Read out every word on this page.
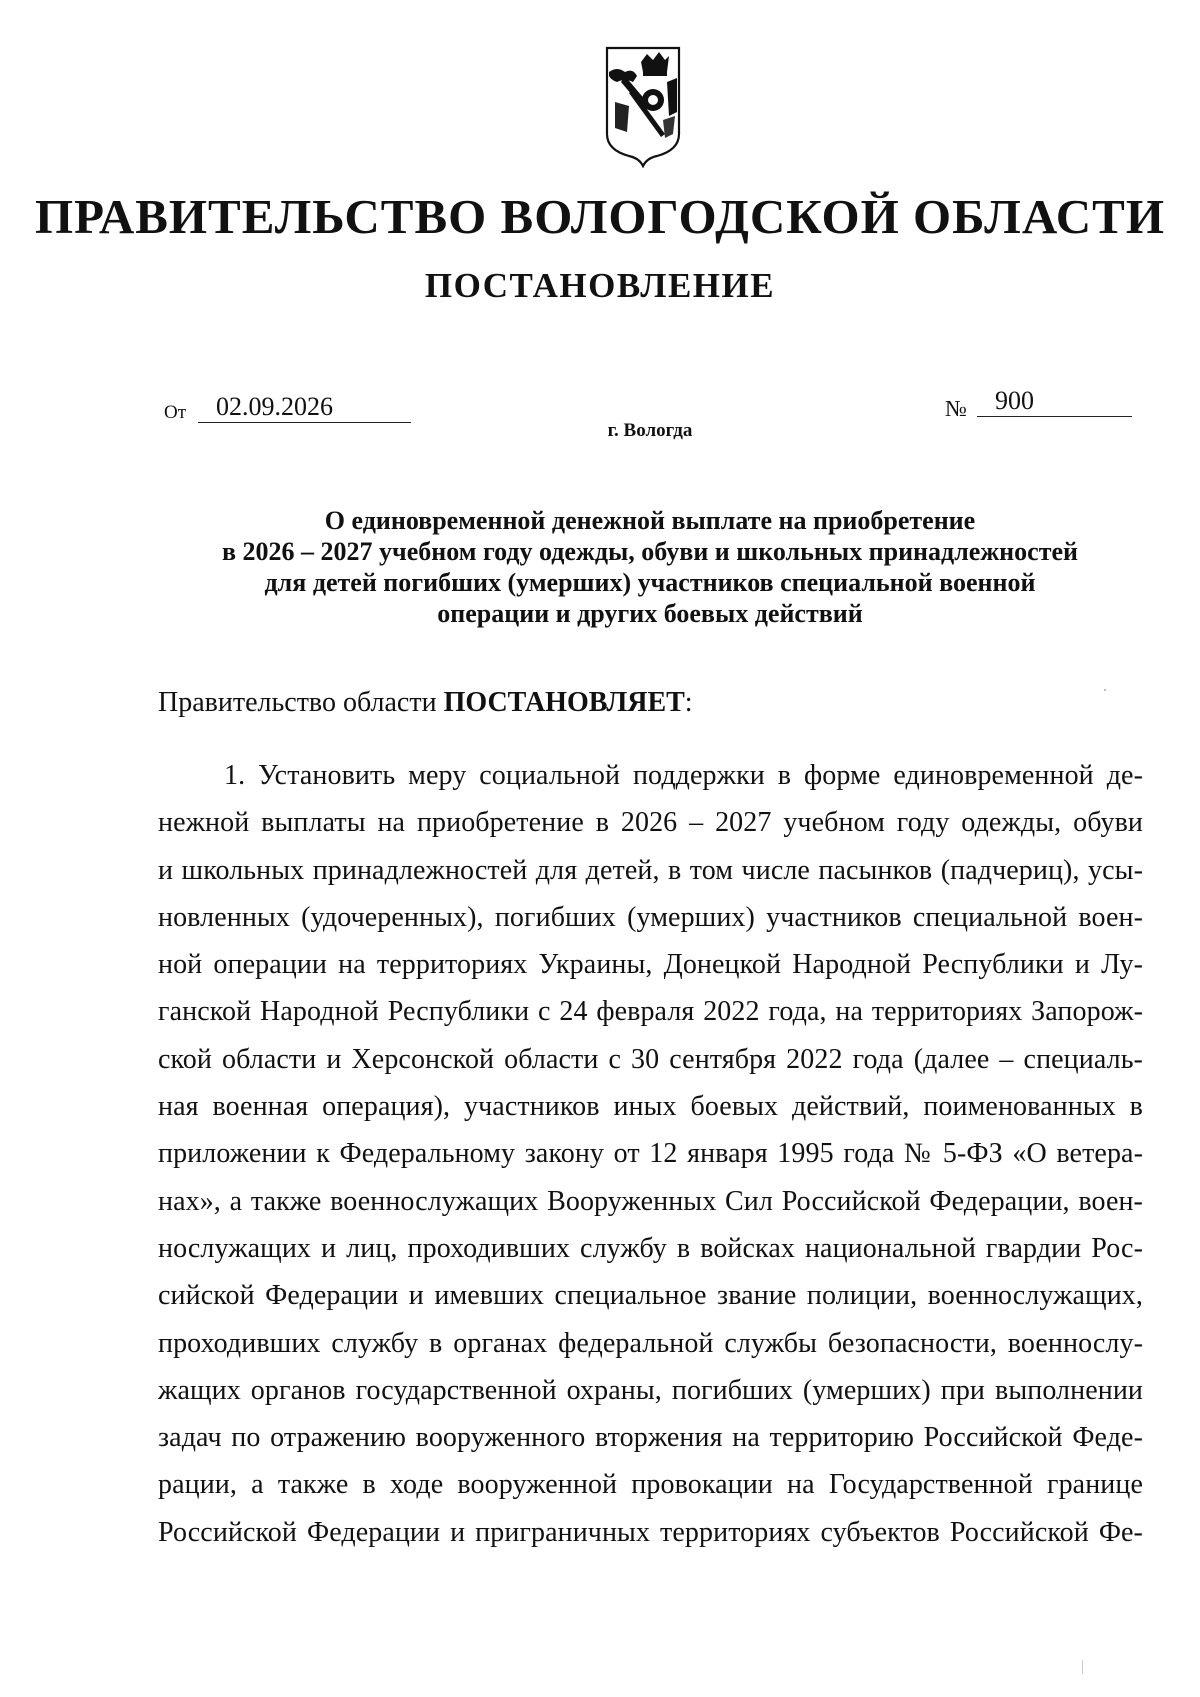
ПРАВИТЕЛЬСТВО ВОЛОГОДСКОЙ ОБЛАСТИ
ПОСТАНОВЛЕНИЕ
От	02.09.2026	№	900
г. Вологда
О единовременной денежной выплате на приобретение
в 2026 – 2027 учебном году одежды, обуви и школьных принадлежностей
для детей погибших (умерших) участников специальной военной
операции и других боевых действий
Правительство области ПОСТАНОВЛЯЕТ:
1. Установить меру социальной поддержки в форме единовременной де-
нежной выплаты на приобретение в 2026 – 2027 учебном году одежды, обуви
и школьных принадлежностей для детей, в том числе пасынков (падчериц), усы-
новленных (удочеренных), погибших (умерших) участников специальной воен-
ной операции на территориях Украины, Донецкой Народной Республики и Лу-
ганской Народной Республики с 24 февраля 2022 года, на территориях Запорож-
ской области и Херсонской области с 30 сентября 2022 года (далее – специаль-
ная военная операция), участников иных боевых действий, поименованных в
приложении к Федеральному закону от 12 января 1995 года № 5-ФЗ «О ветера-
нах», а также военнослужащих Вооруженных Сил Российской Федерации, воен-
нослужащих и лиц, проходивших службу в войсках национальной гвардии Рос-
сийской Федерации и имевших специальное звание полиции, военнослужащих,
проходивших службу в органах федеральной службы безопасности, военнослу-
жащих органов государственной охраны, погибших (умерших) при выполнении
задач по отражению вооруженного вторжения на территорию Российской Феде-
рации, а также в ходе вооруженной провокации на Государственной границе
Российской Федерации и приграничных территориях субъектов Российской Фе-
